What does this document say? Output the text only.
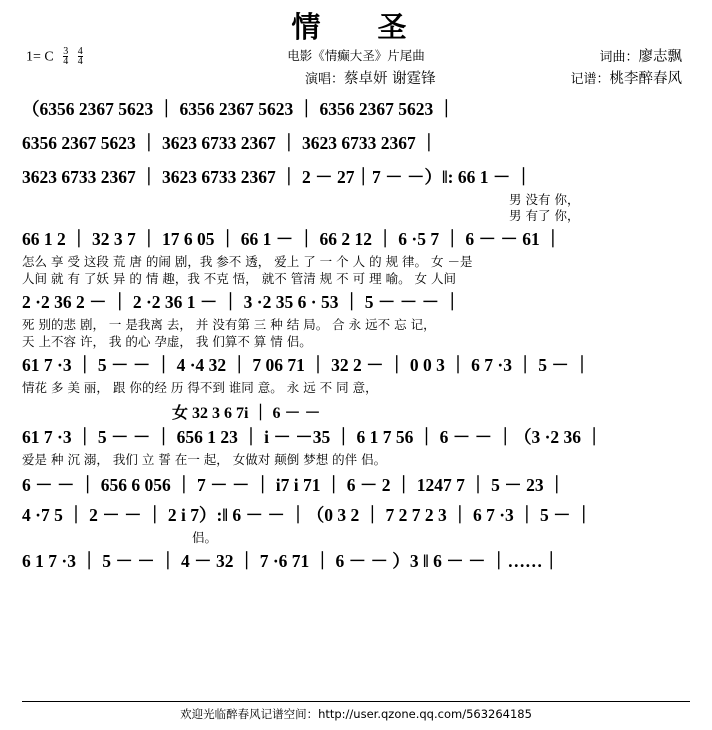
情　圣
1= C $\frac{3}{4}$
$\frac{4}{4}$	电影《情癫大圣》片尾曲	词曲：廖志飘
演唱：蔡卓妍 谢霆锋	记谱：桃李醉春风
（6356 2367 5623 ｜ 6356 2367 5623 ｜ 6356 2367 5623 ｜
6356 2367 5623 ｜ 3623 6733 2367 ｜ 3623 6733 2367 ｜
3623 6733 2367 ｜ 3623 6733 2367 ｜ 2 － 27｜7 － －）‖: 66 1 － ｜
男 没有 你，
男 有了 你，
66 1 2 ｜ 32 3 7 ｜ 17 6 05 ｜ 66 1 － ｜ 66 2 12 ｜ 6 ·5 7 ｜ 6 － － 61 ｜
怎么 享 受 这段 荒 唐 的闹 剧，我 参不 透， 爱上 了 一 个 人 的 规 律。 女 －是
人间 就 有 了妖 异 的 情 趣，我 不克 悟， 就不 管清 规 不 可 理 喻。 女 人间
2 ·2 36 2 － ｜ 2 ·2 36 1 － ｜ 3 ·2 35 6 · 53 ｜ 5 － － － ｜
死 别的悲 剧， 一 是我离 去， 并 没有第 三 种 结 局。 合 永 远不 忘 记，
天 上不容 许， 我 的心 孕虚， 我 们算不 算 情 侣。
61 7 ·3 ｜ 5 － － ｜ 4 ·4 32 ｜ 7 06 71 ｜ 32 2 － ｜ 0 0 3 ｜ 6 7 ·3 ｜ 5 － ｜
情花 多 美 丽， 跟 你的经 历 得不到 谁同 意。 永 远 不 同 意，
女 32 3 6 7i ｜ 6 － －
61 7 ·3 ｜ 5 － － ｜ 656 1 23 ｜ i － －35 ｜ 6 1 7 56 ｜ 6 － － ｜（3 ·2 36 ｜
爱是 种 沉 溺， 我们 立 誓 在一 起， 女做对 颠倒 梦想 的伴 侣。
6 － － ｜ 656 6 056 ｜ 7 － － ｜ i7 i 71 ｜ 6 － 2 ｜ 1247 7 ｜ 5 － 23 ｜
4 ·7 5 ｜ 2 － － ｜ 2 i 7）:‖ 6 － － ｜（0 3 2 ｜ 7 2 7 2 3 ｜ 6 7 ·3 ｜ 5 － ｜
侣。
6 1 7 ·3 ｜ 5 － － ｜ 4 － 32 ｜ 7 ·6 71 ｜ 6 － － ）3 ‖ 6 － － ｜……｜
欢迎光临醉春风记谱空间：http://user.qzone.qq.com/563264185
